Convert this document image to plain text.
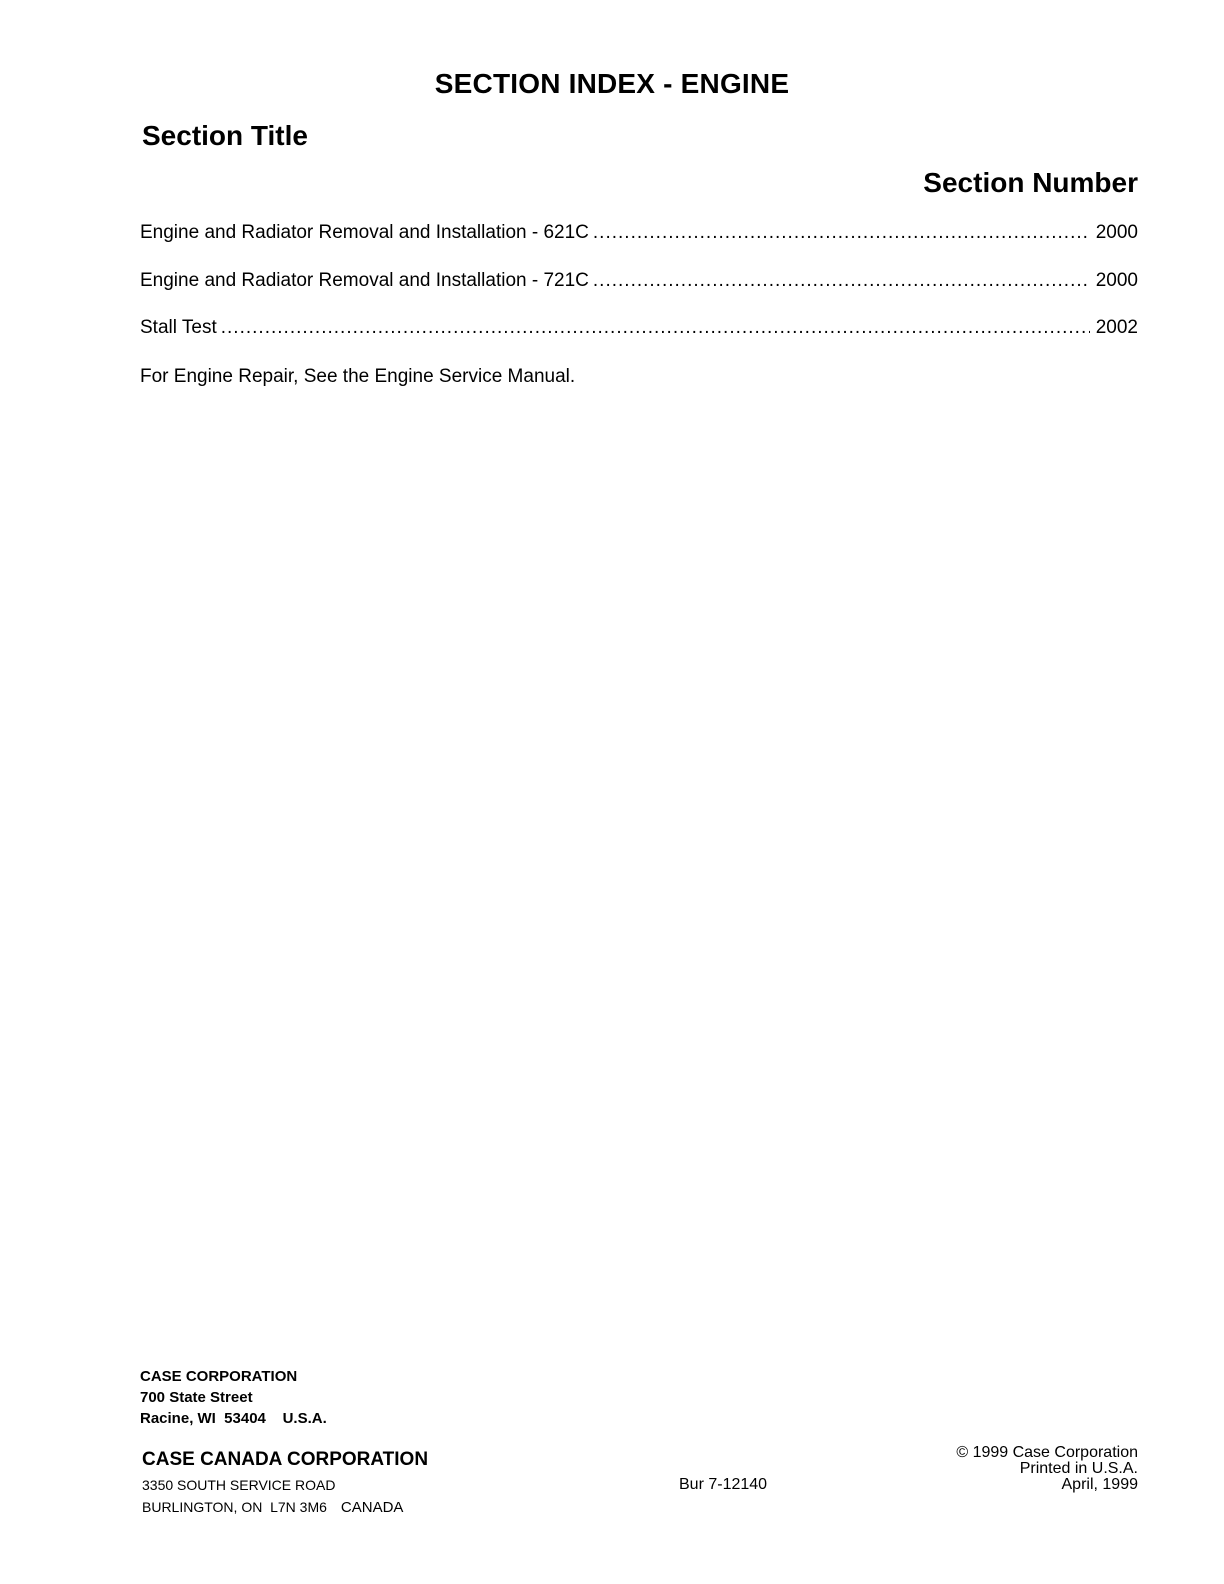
SECTION INDEX - ENGINE
Section Title
Section Number
Engine and Radiator Removal and Installation - 621C .....	2000
Engine and Radiator Removal and Installation - 721C .....	2000
Stall Test .....	2002
For Engine Repair, See the Engine Service Manual.
CASE CORPORATION
700 State Street
Racine, WI  53404    U.S.A.
CASE CANADA CORPORATION
3350 SOUTH SERVICE ROAD
BURLINGTON, ON  L7N 3M6 CANADA
Bur 7-12140
© 1999 Case Corporation
Printed in U.S.A.
April, 1999
